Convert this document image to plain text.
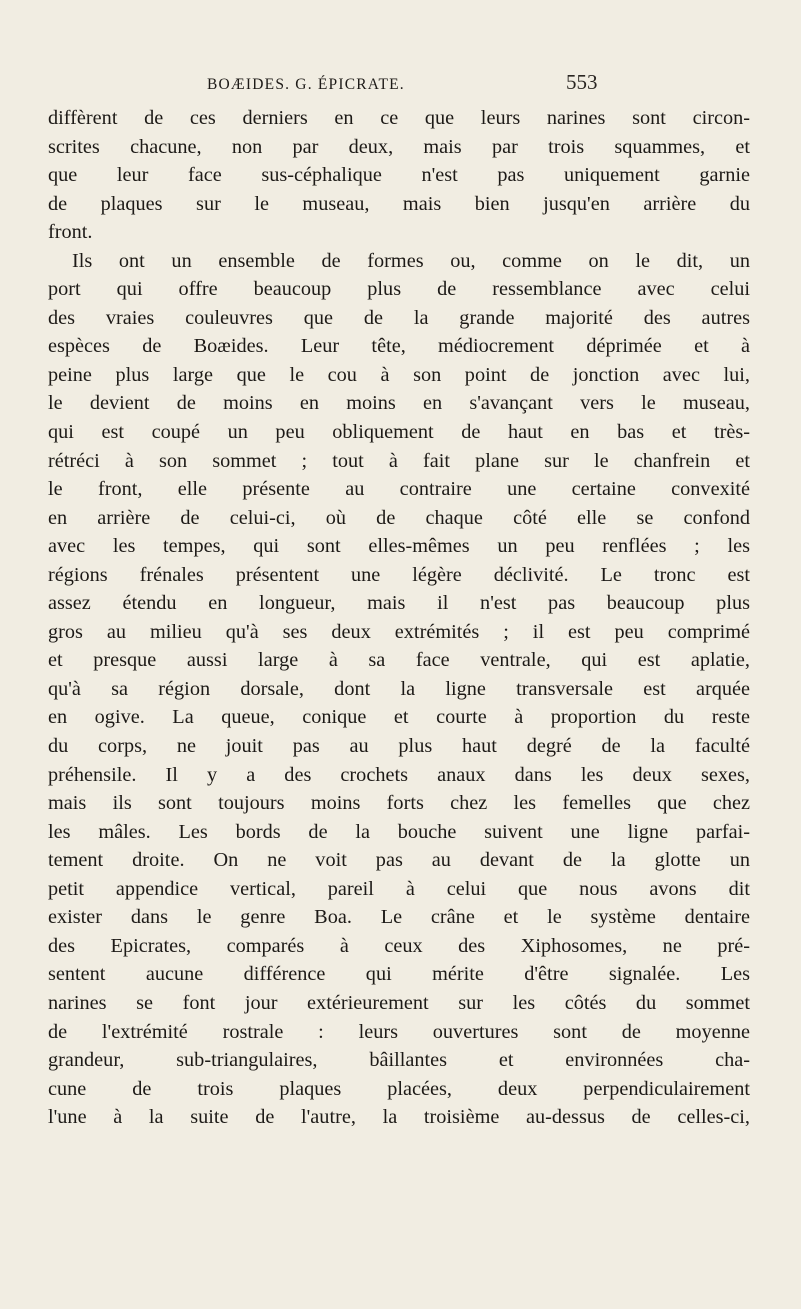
BOÆIDES. G. ÉPICRATE.	553
diffèrent de ces derniers en ce que leurs narines sont circon-
scrites chacune, non par deux, mais par trois squammes, et
que leur face sus-céphalique n'est pas uniquement garnie
de plaques sur le museau, mais bien jusqu'en arrière du
front.
Ils ont un ensemble de formes ou, comme on le dit, un
port qui offre beaucoup plus de ressemblance avec celui
des vraies couleuvres que de la grande majorité des autres
espèces de Boæides. Leur tête, médiocrement déprimée et à
peine plus large que le cou à son point de jonction avec lui,
le devient de moins en moins en s'avançant vers le museau,
qui est coupé un peu obliquement de haut en bas et très-
rétréci à son sommet ; tout à fait plane sur le chanfrein et
le front, elle présente au contraire une certaine convexité
en arrière de celui-ci, où de chaque côté elle se confond
avec les tempes, qui sont elles-mêmes un peu renflées ; les
régions frénales présentent une légère déclivité. Le tronc est
assez étendu en longueur, mais il n'est pas beaucoup plus
gros au milieu qu'à ses deux extrémités ; il est peu comprimé
et presque aussi large à sa face ventrale, qui est aplatie,
qu'à sa région dorsale, dont la ligne transversale est arquée
en ogive. La queue, conique et courte à proportion du reste
du corps, ne jouit pas au plus haut degré de la faculté
préhensile. Il y a des crochets anaux dans les deux sexes,
mais ils sont toujours moins forts chez les femelles que chez
les mâles. Les bords de la bouche suivent une ligne parfai-
tement droite. On ne voit pas au devant de la glotte un
petit appendice vertical, pareil à celui que nous avons dit
exister dans le genre Boa. Le crâne et le système dentaire
des Epicrates, comparés à ceux des Xiphosomes, ne pré-
sentent aucune différence qui mérite d'être signalée. Les
narines se font jour extérieurement sur les côtés du sommet
de l'extrémité rostrale : leurs ouvertures sont de moyenne
grandeur, sub-triangulaires, bâillantes et environnées cha-
cune de trois plaques placées, deux perpendiculairement
l'une à la suite de l'autre, la troisième au-dessus de celles-ci,
